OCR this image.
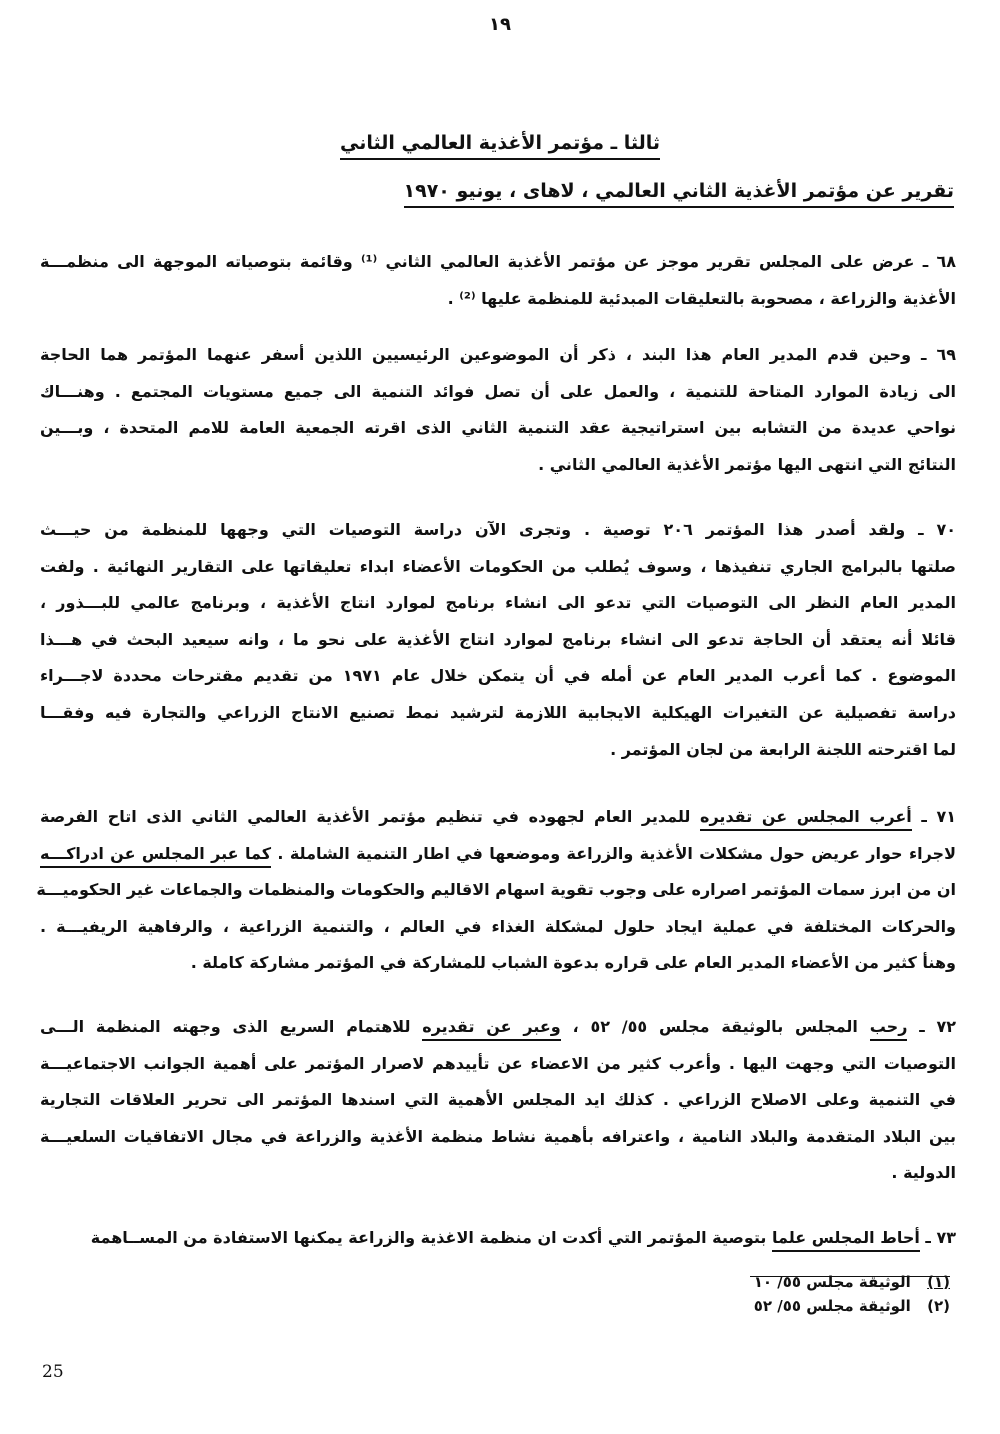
١٩
ثالثا ـ مؤتمر الأغذية العالمي الثاني
تقرير عن مؤتمر الأغذية الثاني العالمي ، لاهاى ، يونيو ١٩٧٠
٦٨ ـ عرض على المجلس تقرير موجز عن مؤتمر الأغذية العالمي الثاني ⁽¹⁾ وقائمة بتوصياته الموجهة الى منظمـــة
الأغذية والزراعة ، مصحوبة بالتعليقات المبدئية للمنظمة عليها ⁽²⁾ .
٦٩ ـ وحين قدم المدير العام هذا البند ، ذكر أن الموضوعين الرئيسيين اللذين أسفر عنهما المؤتمر هما الحاجة
الى زيادة الموارد المتاحة للتنمية ، والعمل على أن تصل فوائد التنمية الى جميع مستويات المجتمع . وهنـــاك
نواحي عديدة من التشابه بين استراتيجية عقد التنمية الثاني الذى اقرته الجمعية العامة للامم المتحدة ، وبـــين
النتائج التي انتهى اليها مؤتمر الأغذية العالمي الثاني .
٧٠ ـ ولقد أصدر هذا المؤتمر ٢٠٦ توصية . وتجرى الآن دراسة التوصيات التي وجهها للمنظمة من حيـــث
صلتها بالبرامج الجاري تنفيذها ، وسوف يُطلب من الحكومات الأعضاء ابداء تعليقاتها على التقارير النهائية . ولفت
المدير العام النظر الى التوصيات التي تدعو الى انشاء برنامج لموارد انتاج الأغذية ، وبرنامج عالمي للبـــذور ،
قائلا أنه يعتقد أن الحاجة تدعو الى انشاء برنامج لموارد انتاج الأغذية على نحو ما ، وانه سيعيد البحث في هـــذا
الموضوع . كما أعرب المدير العام عن أمله في أن يتمكن خلال عام ١٩٧١ من تقديم مقترحات محددة لاجـــراء
دراسة تفصيلية عن التغيرات الهيكلية الايجابية اللازمة لترشيد نمط تصنيع الانتاج الزراعي والتجارة فيه وفقـــا
لما اقترحته اللجنة الرابعة من لجان المؤتمر .
٧١ ـ أعرب المجلس عن تقديره للمدير العام لجهوده في تنظيم مؤتمر الأغذية العالمي الثاني الذى اتاح الفرصة
لاجراء حوار عريض حول مشكلات الأغذية والزراعة وموضعها في اطار التنمية الشاملة . كما عبر المجلس عن ادراكـــه
ان من ابرز سمات المؤتمر اصراره على وجوب تقوية اسهام الاقاليم والحكومات والمنظمات والجماعات غير الحكوميـــة
والحركات المختلفة في عملية ايجاد حلول لمشكلة الغذاء في العالم ، والتنمية الزراعية ، والرفاهية الريفيـــة .
وهنأ كثير من الأعضاء المدير العام على قراره بدعوة الشباب للمشاركة في المؤتمر مشاركة كاملة .
٧٢ ـ رحب المجلس بالوثيقة مجلس ٥٥/ ٥٢ ، وعبر عن تقديره للاهتمام السريع الذى وجهته المنظمة الـــى
التوصيات التي وجهت اليها . وأعرب كثير من الاعضاء عن تأييدهم لاصرار المؤتمر على أهمية الجوانب الاجتماعيـــة
في التنمية وعلى الاصلاح الزراعي . كذلك ايد المجلس الأهمية التي اسندها المؤتمر الى تحرير العلاقات التجارية
بين البلاد المتقدمة والبلاد النامية ، واعترافه بأهمية نشاط منظمة الأغذية والزراعة في مجال الاتفاقيات السلعيـــة
الدولية .
٧٣ ـ أحاط المجلس علما بتوصية المؤتمر التي أكدت ان منظمة الاغذية والزراعة يمكنها الاستفادة من المســاهمة
(١) الوثيقة مجلس ٥٥/ ١٠
(٢) الوثيقة مجلس ٥٥/ ٥٢
25
